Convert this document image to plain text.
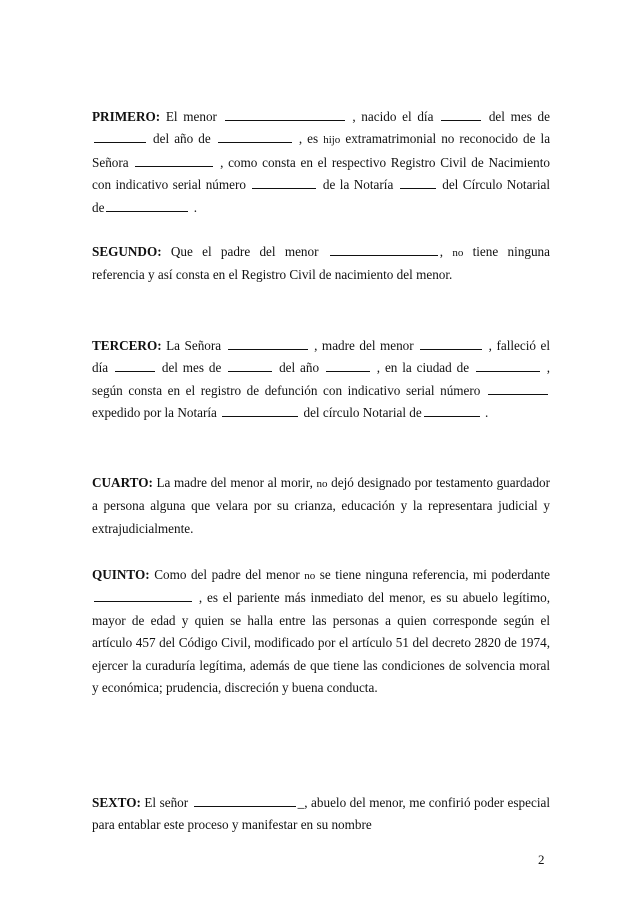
PRIMERO: El menor	, nacido el día	del mes de  del año de	, es hijo extramatrimonial no reconocido de la Señora	, como consta en el respectivo Registro Civil de Nacimiento con indicativo serial número	de la Notaría	del Círculo Notarial de	.
SEGUNDO: Que el padre del menor	, no tiene ninguna referencia y así consta en el Registro Civil de nacimiento del menor.
TERCERO: La Señora	, madre del menor	, falleció el día	del mes de	del año	, en la ciudad de	, según consta en el registro de defunción con indicativo serial número  expedido por la Notaría	del círculo Notarial de	.
CUARTO: La madre del menor al morir, no dejó designado por testamento guardador a persona alguna que velara por su crianza, educación y la representara judicial y extrajudicialmente.
QUINTO: Como del padre del menor no se tiene ninguna referencia, mi poderdante  , es el pariente más inmediato del menor, es su abuelo legítimo, mayor de edad y quien se halla entre las personas a quien corresponde según el artículo 457 del Código Civil, modificado por el artículo 51 del decreto 2820 de 1974, ejercer la curaduría legítima, además de que tiene las condiciones de solvencia moral y económica; prudencia, discreción y buena conducta.
SEXTO: El señor	_, abuelo del menor, me confirió poder especial para entablar este proceso y manifestar en su nombre
2
